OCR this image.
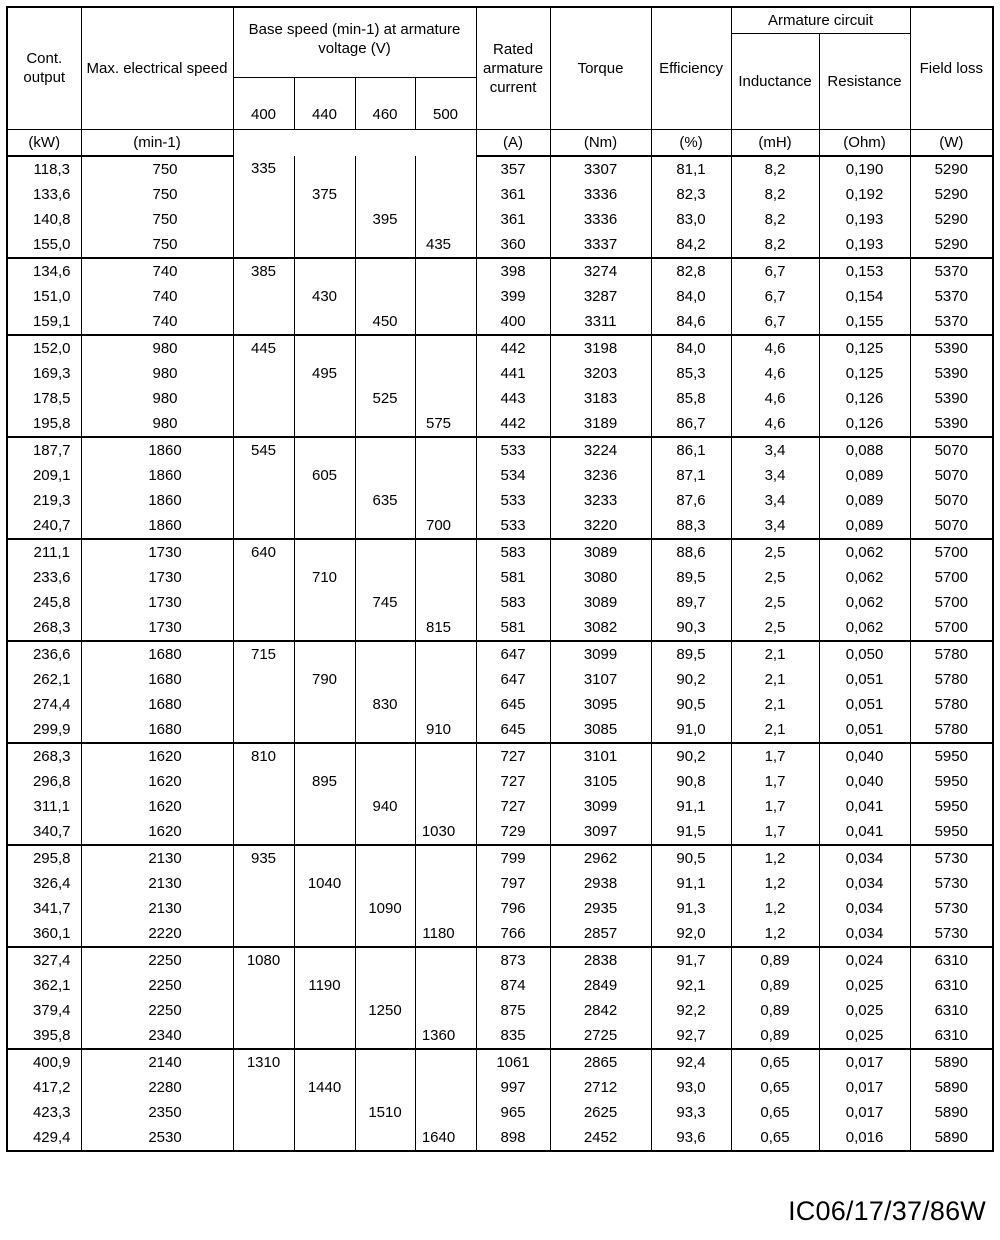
Cont. output	Max. electrical speed	Base speed (min-1) at armature voltage (V)				Rated armature current	Torque	Efficiency	Armature circuit		Field loss
									Inductance	Resistance	
		400	440	460	500						
(kW)	(min-1)					(A)	(Nm)	(%)	(mH)	(Ohm)	(W)
118,3	750	335				357	3307	81,1	8,2	0,190	5290
133,6	750		375			361	3336	82,3	8,2	0,192	5290
140,8	750			395		361	3336	83,0	8,2	0,193	5290
155,0	750				435	360	3337	84,2	8,2	0,193	5290
134,6	740	385				398	3274	82,8	6,7	0,153	5370
151,0	740		430			399	3287	84,0	6,7	0,154	5370
159,1	740			450		400	3311	84,6	6,7	0,155	5370
152,0	980	445				442	3198	84,0	4,6	0,125	5390
169,3	980		495			441	3203	85,3	4,6	0,125	5390
178,5	980			525		443	3183	85,8	4,6	0,126	5390
195,8	980				575	442	3189	86,7	4,6	0,126	5390
187,7	1860	545				533	3224	86,1	3,4	0,088	5070
209,1	1860		605			534	3236	87,1	3,4	0,089	5070
219,3	1860			635		533	3233	87,6	3,4	0,089	5070
240,7	1860				700	533	3220	88,3	3,4	0,089	5070
211,1	1730	640				583	3089	88,6	2,5	0,062	5700
233,6	1730		710			581	3080	89,5	2,5	0,062	5700
245,8	1730			745		583	3089	89,7	2,5	0,062	5700
268,3	1730				815	581	3082	90,3	2,5	0,062	5700
236,6	1680	715				647	3099	89,5	2,1	0,050	5780
262,1	1680		790			647	3107	90,2	2,1	0,051	5780
274,4	1680			830		645	3095	90,5	2,1	0,051	5780
299,9	1680				910	645	3085	91,0	2,1	0,051	5780
268,3	1620	810				727	3101	90,2	1,7	0,040	5950
296,8	1620		895			727	3105	90,8	1,7	0,040	5950
311,1	1620			940		727	3099	91,1	1,7	0,041	5950
340,7	1620				1030	729	3097	91,5	1,7	0,041	5950
295,8	2130	935				799	2962	90,5	1,2	0,034	5730
326,4	2130		1040			797	2938	91,1	1,2	0,034	5730
341,7	2130			1090		796	2935	91,3	1,2	0,034	5730
360,1	2220				1180	766	2857	92,0	1,2	0,034	5730
327,4	2250	1080				873	2838	91,7	0,89	0,024	6310
362,1	2250		1190			874	2849	92,1	0,89	0,025	6310
379,4	2250			1250		875	2842	92,2	0,89	0,025	6310
395,8	2340				1360	835	2725	92,7	0,89	0,025	6310
400,9	2140	1310				1061	2865	92,4	0,65	0,017	5890
417,2	2280		1440			997	2712	93,0	0,65	0,017	5890
423,3	2350			1510		965	2625	93,3	0,65	0,017	5890
429,4	2530				1640	898	2452	93,6	0,65	0,016	5890
IC06/17/37/86W
